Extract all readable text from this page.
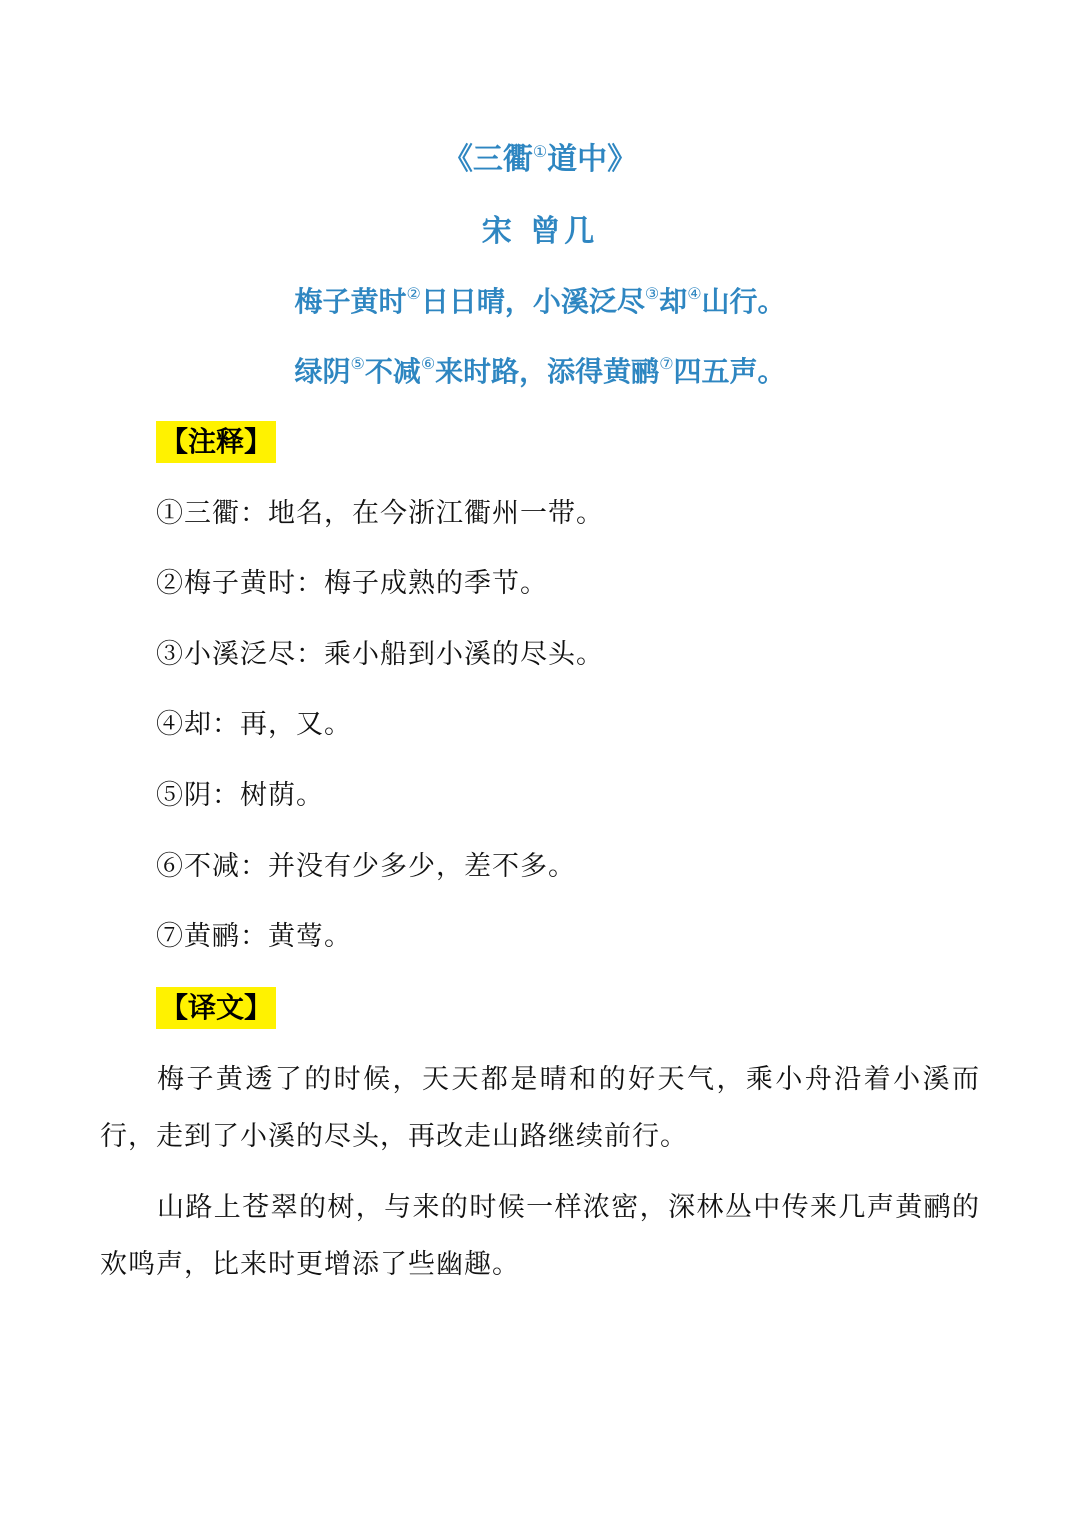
《三衢①道中》
宋 曾几
梅子黄时②日日晴，小溪泛尽③却④山行。
绿阴⑤不减⑥来时路，添得黄鹂⑦四五声。
【注释】
①三衢：地名，在今浙江衢州一带。
②梅子黄时：梅子成熟的季节。
③小溪泛尽：乘小船到小溪的尽头。
④却：再，又。
⑤阴：树荫。
⑥不减：并没有少多少，差不多。
⑦黄鹂：黄莺。
【译文】
梅子黄透了的时候，天天都是晴和的好天气，乘小舟沿着小溪而行，走到了小溪的尽头，再改走山路继续前行。
山路上苍翠的树，与来的时候一样浓密，深林丛中传来几声黄鹂的欢鸣声，比来时更增添了些幽趣。
